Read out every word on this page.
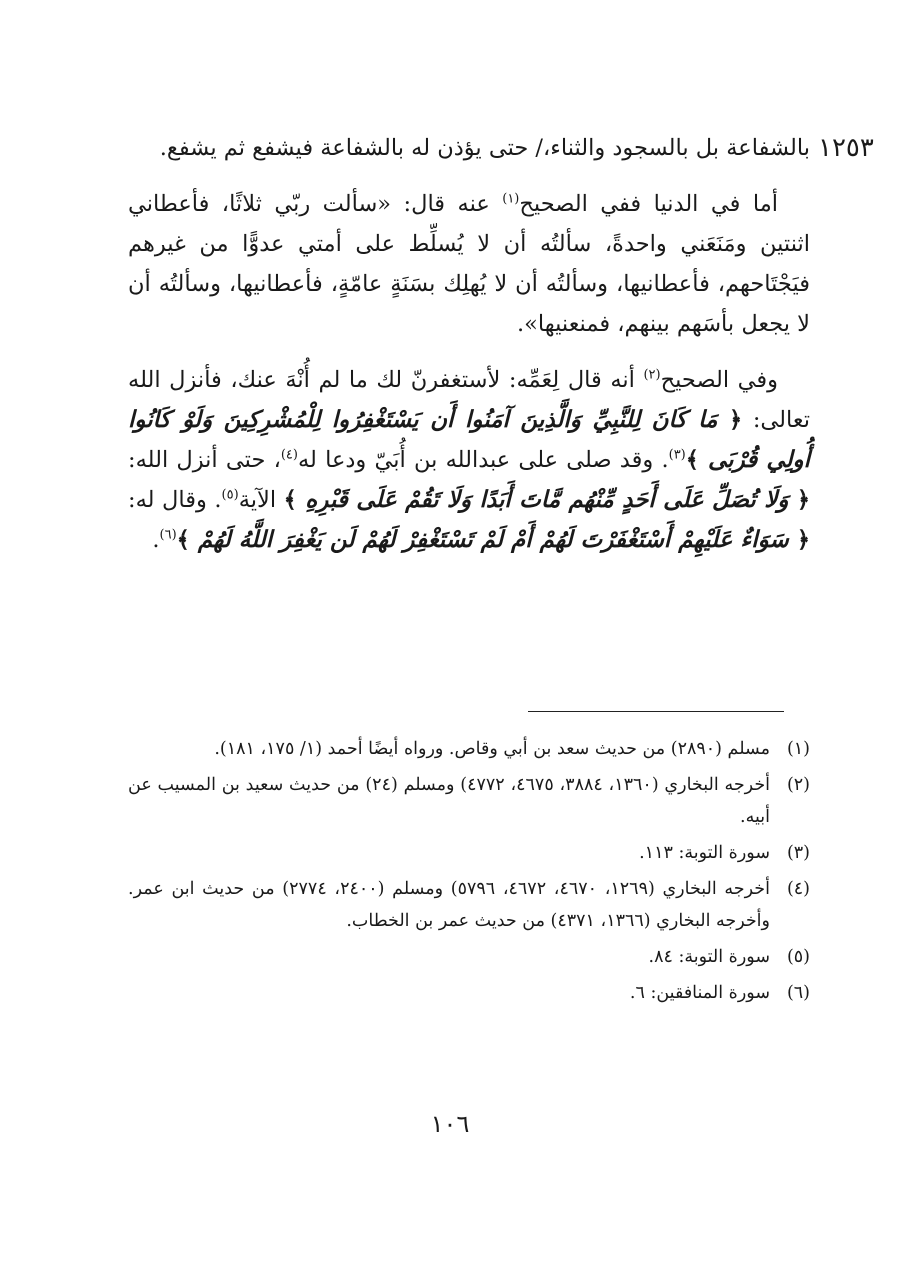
١٢٥٣

بالشفاعة بل بالسجود والثناء،/ حتى يؤذن له بالشفاعة فيشفع ثم يشفع.

أما في الدنيا ففي الصحيح$^{(١)}$ عنه قال: «سألت ربّي ثلاثًا، فأعطاني اثنتين ومَنَعَني واحدةً، سألتُه أن لا يُسلِّط على أمتي عدوًّا من غيرهم فيَجْتَاحهم، فأعطانيها، وسألتُه أن لا يُهلِك بسَنَةٍ عامّةٍ، فأعطانيها، وسألتُه أن لا يجعل بأسَهم بينهم، فمنعنيها».

وفي الصحيح$^{(٢)}$ أنه قال لِعَمِّه: لأستغفرنّ لك ما لم أُنْهَ عنك، فأنزل الله تعالى: ﴿ مَا كَانَ لِلنَّبِيِّ وَالَّذِينَ آمَنُوا أَن يَسْتَغْفِرُوا لِلْمُشْرِكِينَ وَلَوْ كَانُوا أُولِي قُرْبَى ﴾$^{(٣)}$. وقد صلى على عبدالله بن أُبَيّ ودعا له$^{(٤)}$، حتى أنزل الله: ﴿ وَلَا تُصَلِّ عَلَى أَحَدٍ مِّنْهُم مَّاتَ أَبَدًا وَلَا تَقُمْ عَلَى قَبْرِهِ ﴾ الآية$^{(٥)}$. وقال له: ﴿ سَوَاءٌ عَلَيْهِمْ أَسْتَغْفَرْتَ لَهُمْ أَمْ لَمْ تَسْتَغْفِرْ لَهُمْ لَن يَغْفِرَ اللَّهُ لَهُمْ ﴾$^{(٦)}$.

(١)
مسلم (٢٨٩٠) من حديث سعد بن أبي وقاص. ورواه أيضًا أحمد (١/ ١٧٥، ١٨١).
(٢)
أخرجه البخاري (١٣٦٠، ٣٨٨٤، ٤٦٧٥، ٤٧٧٢) ومسلم (٢٤) من حديث سعيد بن المسيب عن أبيه.
(٣)
سورة التوبة: ١١٣.
(٤)
أخرجه البخاري (١٢٦٩، ٤٦٧٠، ٤٦٧٢، ٥٧٩٦) ومسلم (٢٤٠٠، ٢٧٧٤) من حديث ابن عمر. وأخرجه البخاري (١٣٦٦، ٤٣٧١) من حديث عمر بن الخطاب.
(٥)
سورة التوبة: ٨٤.
(٦)
سورة المنافقين: ٦.
١٠٦
